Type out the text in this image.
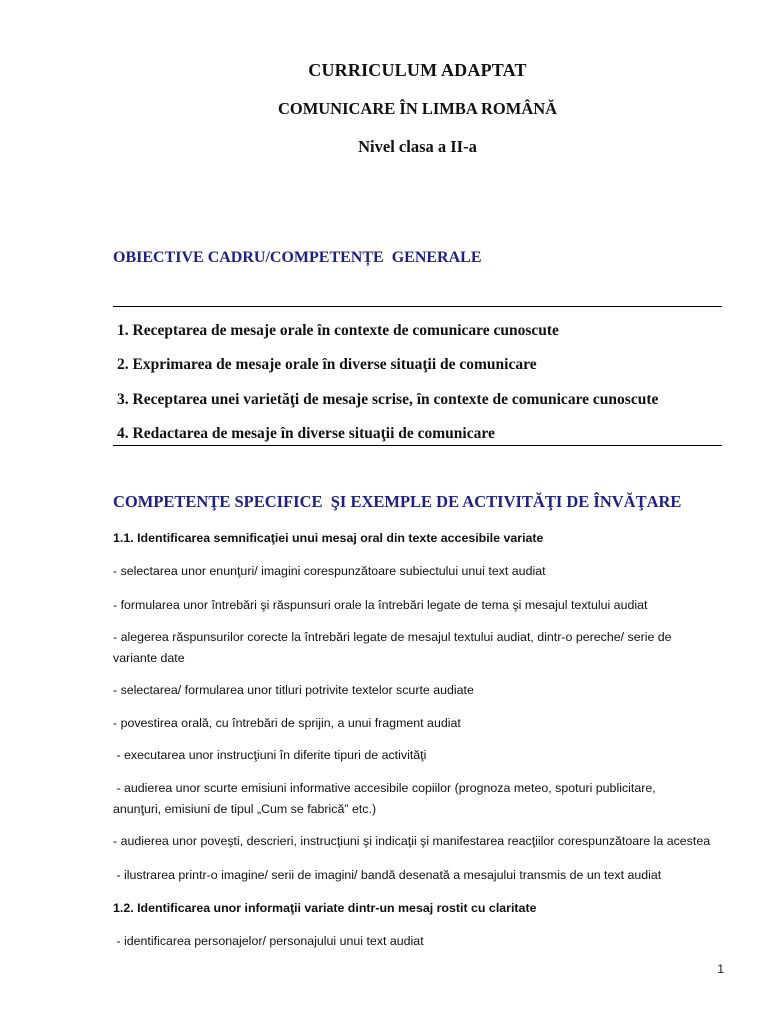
CURRICULUM ADAPTAT
COMUNICARE ÎN LIMBA ROMÂNĂ
Nivel clasa a II-a
OBIECTIVE CADRU/COMPETENȚE  GENERALE
1. Receptarea de mesaje orale în contexte de comunicare cunoscute
2. Exprimarea de mesaje orale în diverse situaţii de comunicare
3. Receptarea unei varietăţi de mesaje scrise, în contexte de comunicare cunoscute
4. Redactarea de mesaje în diverse situaţii de comunicare
COMPETENŢE SPECIFICE  ŞI EXEMPLE DE ACTIVITĂŢI DE ÎNVĂŢARE
1.1. Identificarea semnificaţiei unui mesaj oral din texte accesibile variate
- selectarea unor enunţuri/ imagini corespunzătoare subiectului unui text audiat
- formularea unor întrebări şi răspunsuri orale la întrebări legate de tema şi mesajul textului audiat
- alegerea răspunsurilor corecte la întrebări legate de mesajul textului audiat, dintr-o pereche/ serie de
variante date
- selectarea/ formularea unor titluri potrivite textelor scurte audiate
- povestirea orală, cu întrebări de sprijin, a unui fragment audiat
- executarea unor instrucţiuni în diferite tipuri de activităţi
- audierea unor scurte emisiuni informative accesibile copiilor (prognoza meteo, spoturi publicitare,
anunţuri, emisiuni de tipul „Cum se fabrică” etc.)
- audierea unor poveşti, descrieri, instrucţiuni şi indicaţii şi manifestarea reacţiilor corespunzătoare la acestea
- ilustrarea printr-o imagine/ serii de imagini/ bandă desenată a mesajului transmis de un text audiat
1.2. Identificarea unor informaţii variate dintr-un mesaj rostit cu claritate
- identificarea personajelor/ personajului unui text audiat
1
